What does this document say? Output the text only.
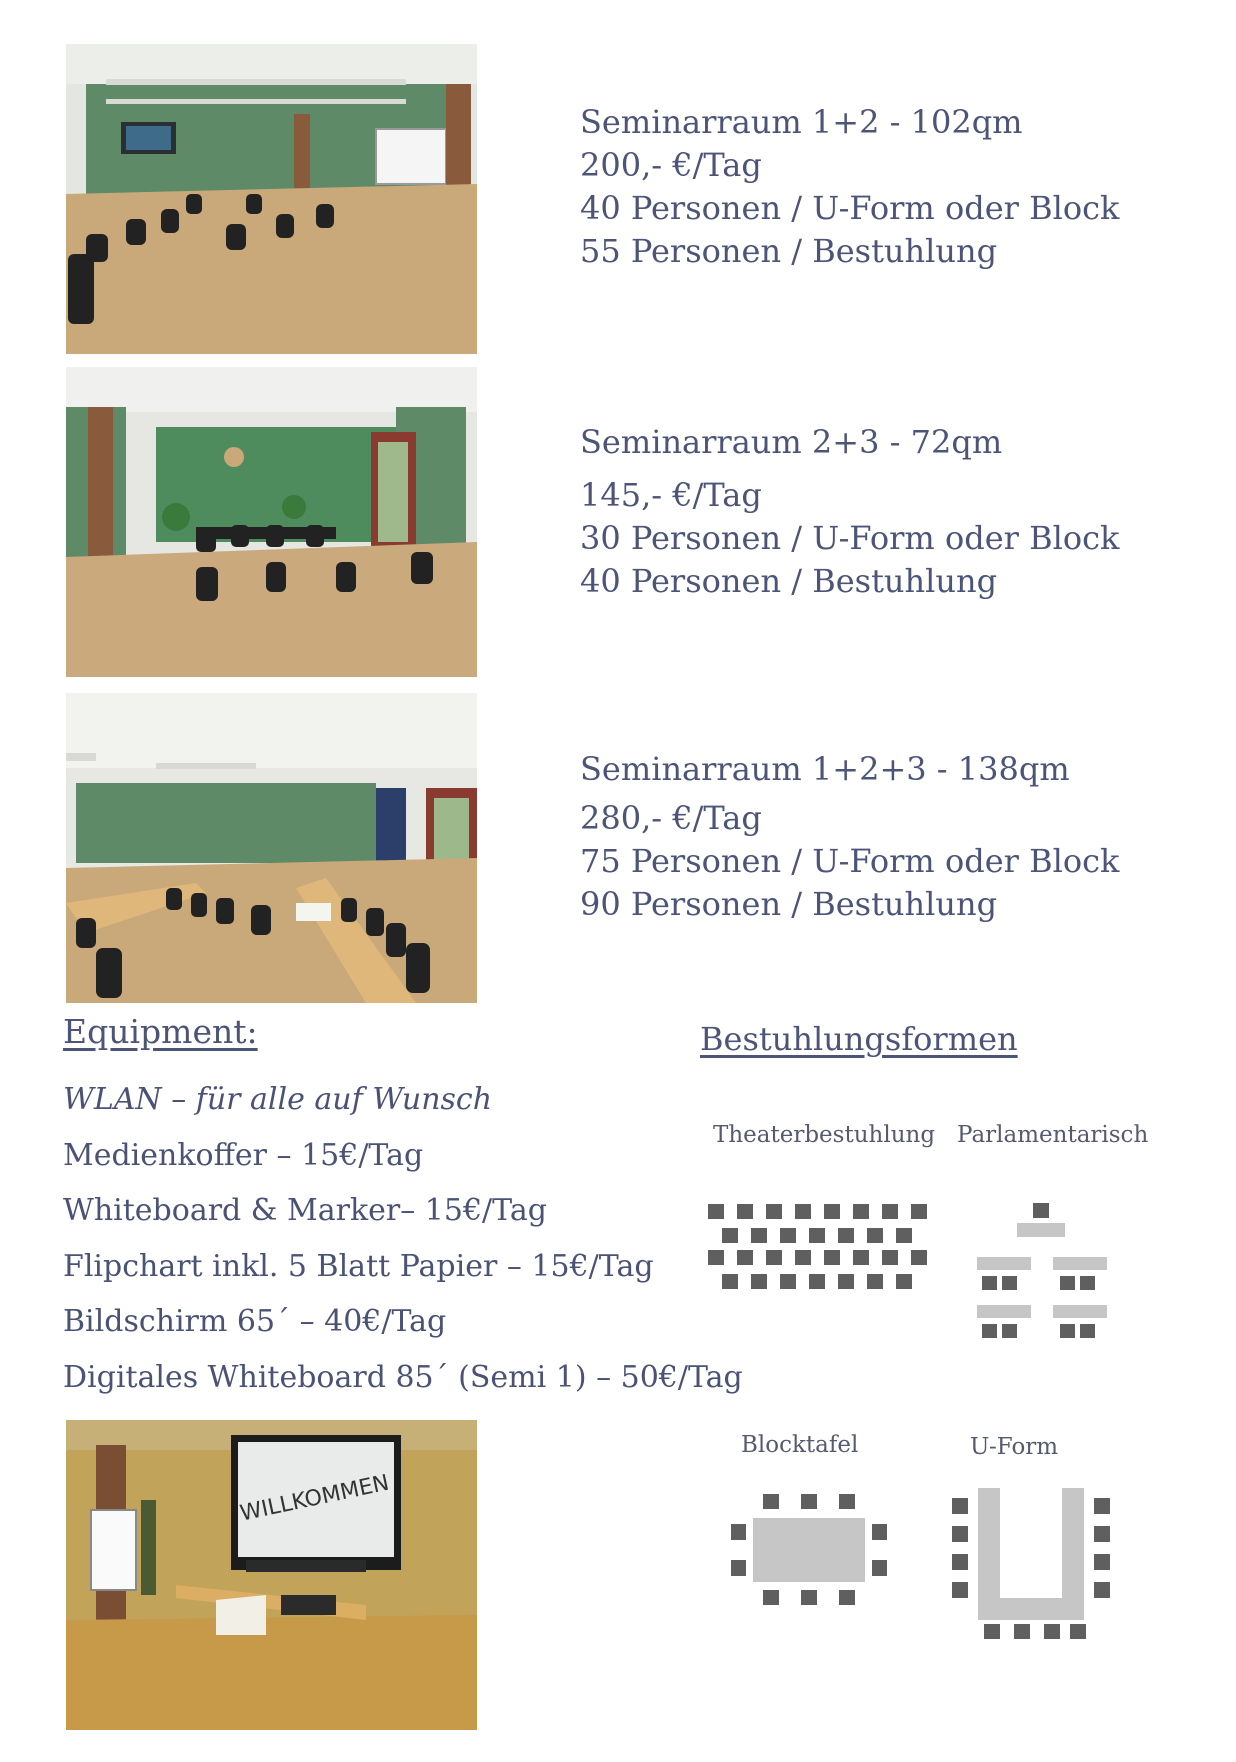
WILLKOMMEN
Seminarraum 1+2 - 102qm
200,- €/Tag
40 Personen / U-Form oder Block
55 Personen / Bestuhlung
Seminarraum 2+3 - 72qm
145,- €/Tag
30 Personen / U-Form oder Block
40 Personen / Bestuhlung
Seminarraum 1+2+3 - 138qm
280,- €/Tag
75 Personen / U-Form oder Block
90 Personen / Bestuhlung
Equipment:
WLAN – für alle auf Wunsch
Medienkoffer – 15€/Tag
Whiteboard & Marker– 15€/Tag
Flipchart inkl. 5 Blatt Papier – 15€/Tag
Bildschirm 65´ – 40€/Tag
Digitales Whiteboard 85´ (Semi 1) – 50€/Tag
Bestuhlungsformen
Theaterbestuhlung Parlamentarisch
Blocktafel	U-Form
